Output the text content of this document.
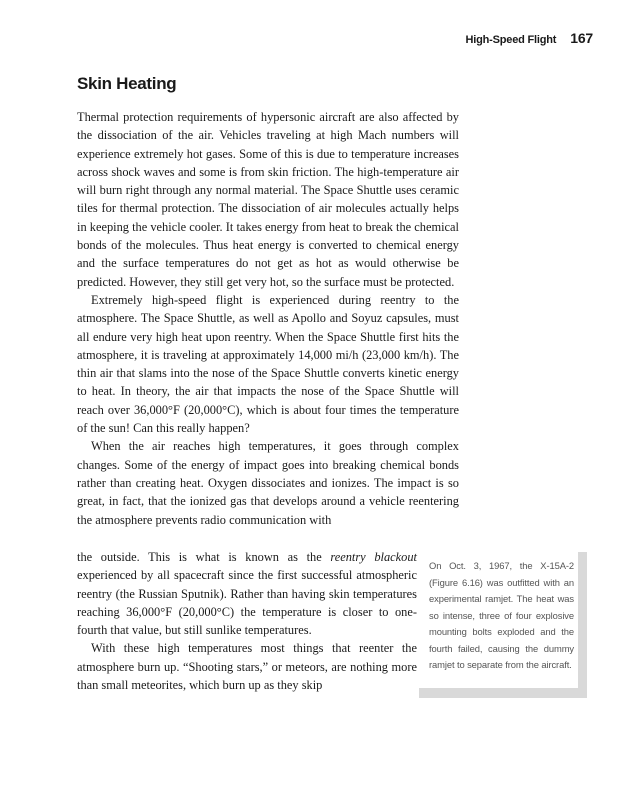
High-Speed Flight 167
Skin Heating

Thermal protection requirements of hypersonic aircraft are also affected by the dissociation of the air. Vehicles traveling at high Mach numbers will experience extremely hot gases. Some of this is due to temperature increases across shock waves and some is from skin friction. The high-temperature air will burn right through any normal material. The Space Shuttle uses ceramic tiles for thermal protection. The dissociation of air molecules actually helps in keeping the vehicle cooler. It takes energy from heat to break the chemical bonds of the molecules. Thus heat energy is converted to chemical energy and the surface temperatures do not get as hot as would otherwise be predicted. However, they still get very hot, so the surface must be protected.

Extremely high-speed flight is experienced during reentry to the atmosphere. The Space Shuttle, as well as Apollo and Soyuz capsules, must all endure very high heat upon reentry. When the Space Shuttle first hits the atmosphere, it is traveling at approximately 14,000 mi/h (23,000 km/h). The thin air that slams into the nose of the Space Shuttle converts kinetic energy to heat. In theory, the air that impacts the nose of the Space Shuttle will reach over 36,000°F (20,000°C), which is about four times the temperature of the sun! Can this really happen?

When the air reaches high temperatures, it goes through complex changes. Some of the energy of impact goes into breaking chemical bonds rather than creating heat. Oxygen dissociates and ionizes. The impact is so great, in fact, that the ionized gas that develops around a vehicle reentering the atmosphere prevents radio communication with

the outside. This is what is known as the reentry blackout experienced by all spacecraft since the first successful atmospheric reentry (the Russian Sputnik). Rather than having skin temperatures reaching 36,000°F (20,000°C) the temperature is closer to one-fourth that value, but still sunlike temperatures.

With these high temperatures most things that reenter the atmosphere burn up. “Shooting stars,” or meteors, are nothing more than small meteorites, which burn up as they skip

On Oct. 3, 1967, the X-15A-2 (Figure 6.16) was outfitted with an experimental ramjet. The heat was so intense, three of four explosive mounting bolts exploded and the fourth failed, causing the dummy ramjet to separate from the aircraft.
